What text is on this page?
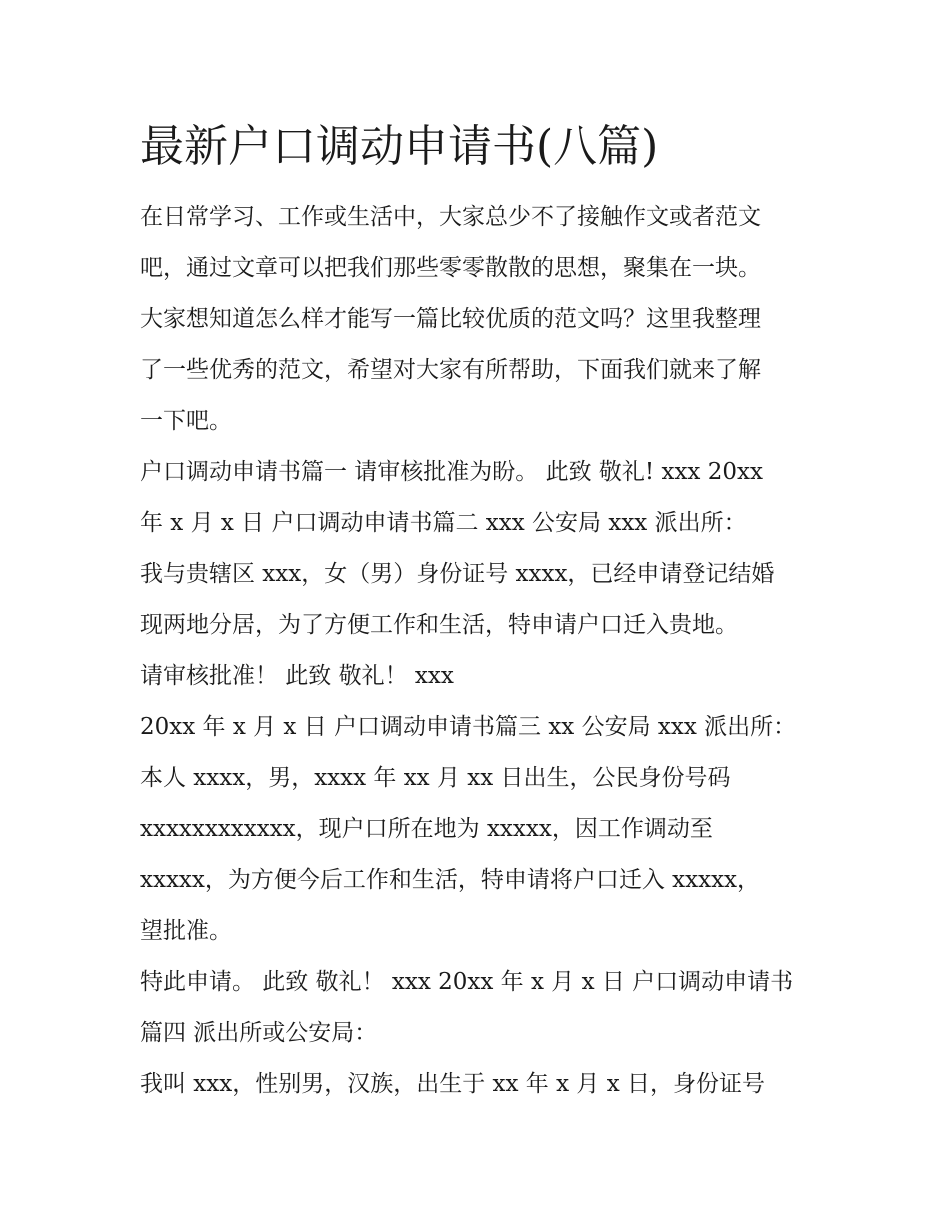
最新户口调动申请书(八篇)
在日常学习、工作或生活中，大家总少不了接触作文或者范文
吧，通过文章可以把我们那些零零散散的思想，聚集在一块。
大家想知道怎么样才能写一篇比较优质的范文吗？这里我整理
了一些优秀的范文，希望对大家有所帮助，下面我们就来了解
一下吧。
户口调动申请书篇一 请审核批准为盼。 此致 敬礼! xxx 20xx
年 x 月 x 日 户口调动申请书篇二 xxx 公安局 xxx 派出所：
我与贵辖区 xxx，女（男）身份证号 xxxx，已经申请登记结婚
现两地分居，为了方便工作和生活，特申请户口迁入贵地。
请审核批准！ 此致 敬礼！ xxx
20xx 年 x 月 x 日 户口调动申请书篇三 xx 公安局 xxx 派出所：
本人 xxxx，男，xxxx 年 xx 月 xx 日出生，公民身份号码
xxxxxxxxxxxx，现户口所在地为 xxxxx，因工作调动至
xxxxx，为方便今后工作和生活，特申请将户口迁入 xxxxx，
望批准。
特此申请。 此致 敬礼！ xxx 20xx 年 x 月 x 日 户口调动申请书
篇四 派出所或公安局：
我叫 xxx，性别男，汉族，出生于 xx 年 x 月 x 日，身份证号
